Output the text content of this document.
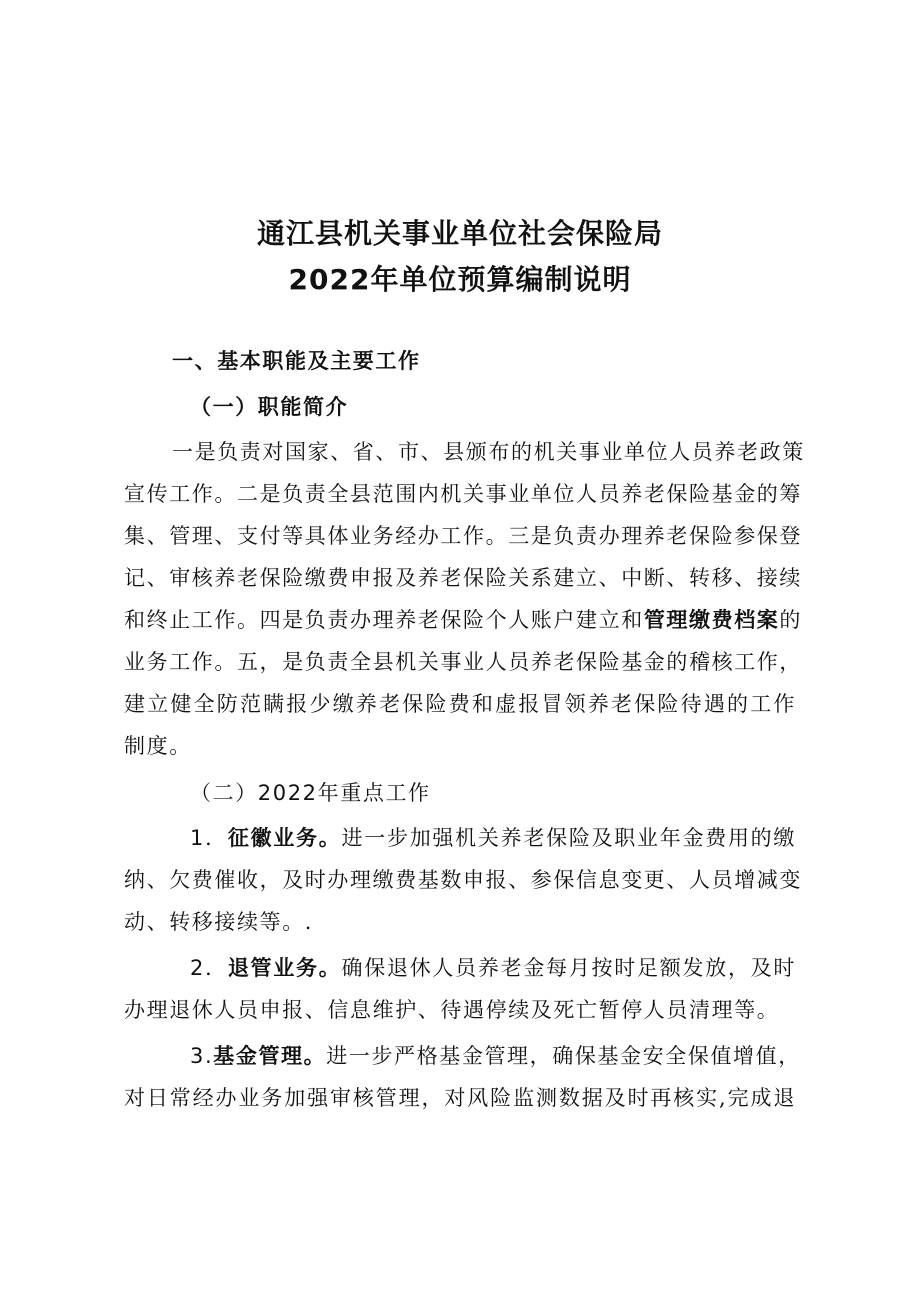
通江县机关事业单位社会保险局
2022年单位预算编制说明
一、基本职能及主要工作
（一）职能简介
一是负责对国家、省、市、县颁布的机关事业单位人员养老政策
宣传工作。二是负责全县范围内机关事业单位人员养老保险基金的筹
集、管理、支付等具体业务经办工作。三是负责办理养老保险参保登
记、审核养老保险缴费申报及养老保险关系建立、中断、转移、接续
和终止工作。四是负责办理养老保险个人账户建立和管理缴费档案的
业务工作。五，是负责全县机关事业人员养老保险基金的稽核工作，
建立健全防范瞒报少缴养老保险费和虚报冒领养老保险待遇的工作
制度。
（二）2022年重点工作
1．征徽业务。进一步加强机关养老保险及职业年金费用的缴
纳、欠费催收，及时办理缴费基数申报、参保信息变更、人员增减变
动、转移接续等。.
2．退管业务。确保退休人员养老金每月按时足额发放，及时
办理退休人员申报、信息维护、待遇停续及死亡暂停人员清理等。
3.基金管理。进一步严格基金管理，确保基金安全保值增值，
对日常经办业务加强审核管理，对风险监测数据及时再核实,完成退
